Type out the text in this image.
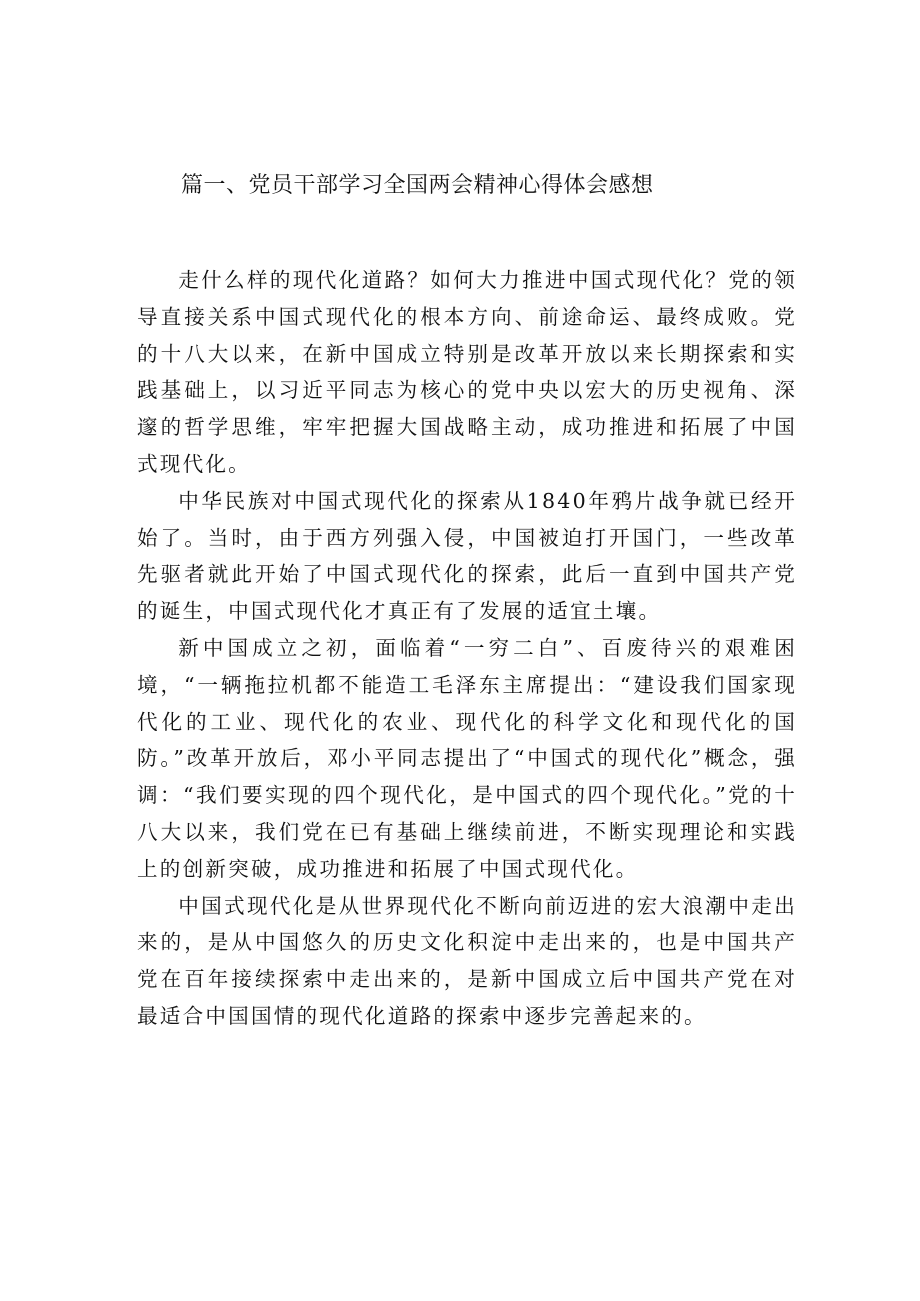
篇一、党员干部学习全国两会精神心得体会感想

走什么样的现代化道路？如何大力推进中国式现代化？党的领导直接关系中国式现代化的根本方向、前途命运、最终成败。党的十八大以来，在新中国成立特别是改革开放以来长期探索和实践基础上，以习近平同志为核心的党中央以宏大的历史视角、深邃的哲学思维，牢牢把握大国战略主动，成功推进和拓展了中国式现代化。

中华民族对中国式现代化的探索从1840年鸦片战争就已经开始了。当时，由于西方列强入侵，中国被迫打开国门，一些改革先驱者就此开始了中国式现代化的探索，此后一直到中国共产党的诞生，中国式现代化才真正有了发展的适宜土壤。

新中国成立之初，面临着“一穷二白”、百废待兴的艰难困境，“一辆拖拉机都不能造工毛泽东主席提出：“建设我们国家现代化的工业、现代化的农业、现代化的科学文化和现代化的国防。”改革开放后，邓小平同志提出了“中国式的现代化”概念，强调：“我们要实现的四个现代化，是中国式的四个现代化。”党的十八大以来，我们党在已有基础上继续前进，不断实现理论和实践上的创新突破，成功推进和拓展了中国式现代化。

中国式现代化是从世界现代化不断向前迈进的宏大浪潮中走出来的，是从中国悠久的历史文化积淀中走出来的，也是中国共产党在百年接续探索中走出来的，是新中国成立后中国共产党在对最适合中国国情的现代化道路的探索中逐步完善起来的。
